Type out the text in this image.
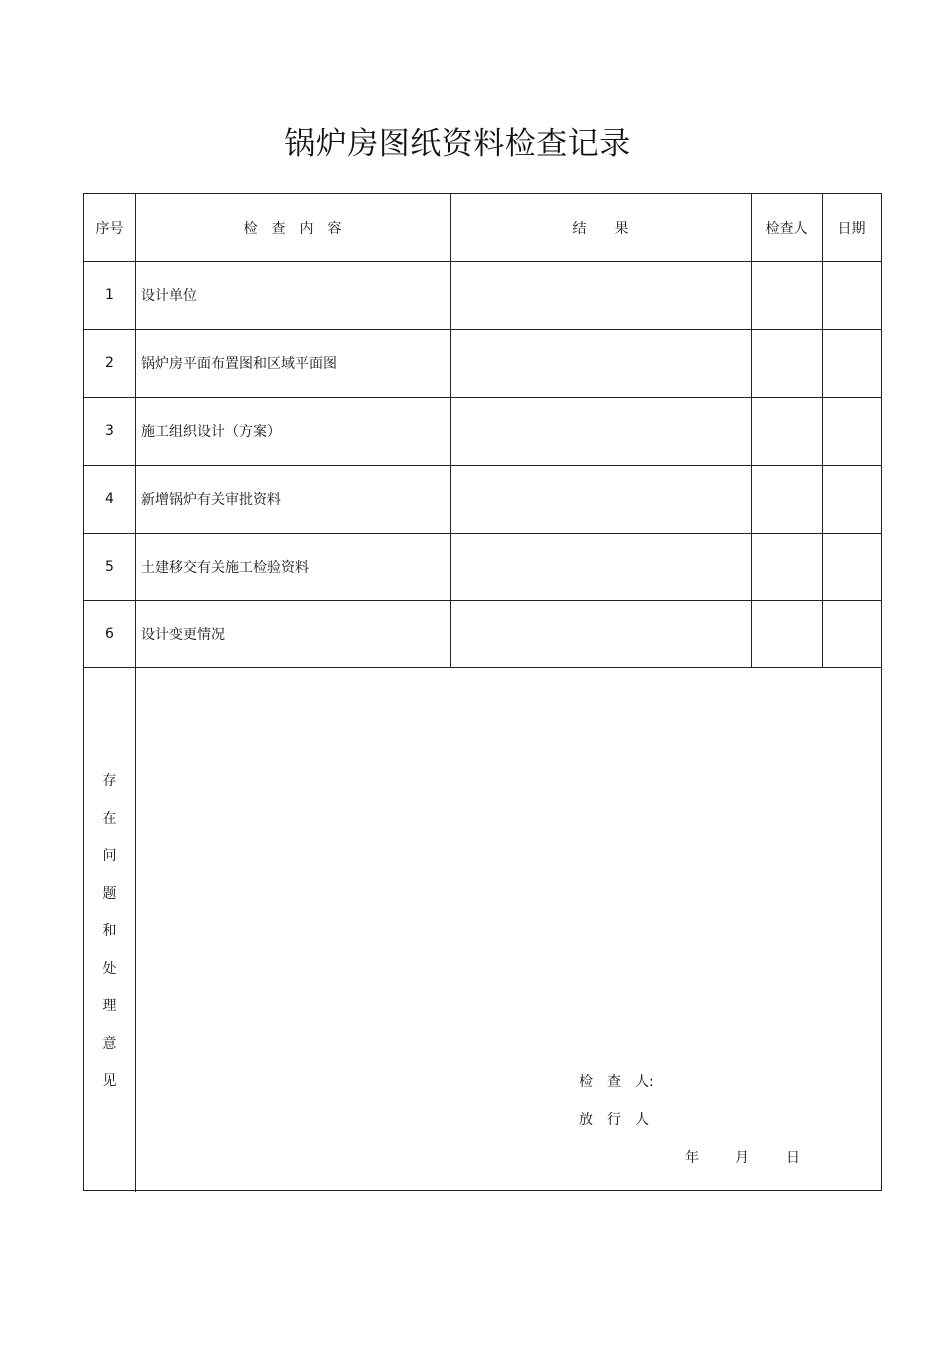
锅炉房图纸资料检查记录
序号	检　查　内　容	结　　果	检查人	日期
1	设计单位
2	锅炉房平面布置图和区域平面图
3	施工组织设计（方案）
4	新增锅炉有关审批资料
5	土建移交有关施工检验资料
6	设计变更情况
存
在
问
题
和
处
理
意
见	检　查　人:
放　行　人
年	月	日
